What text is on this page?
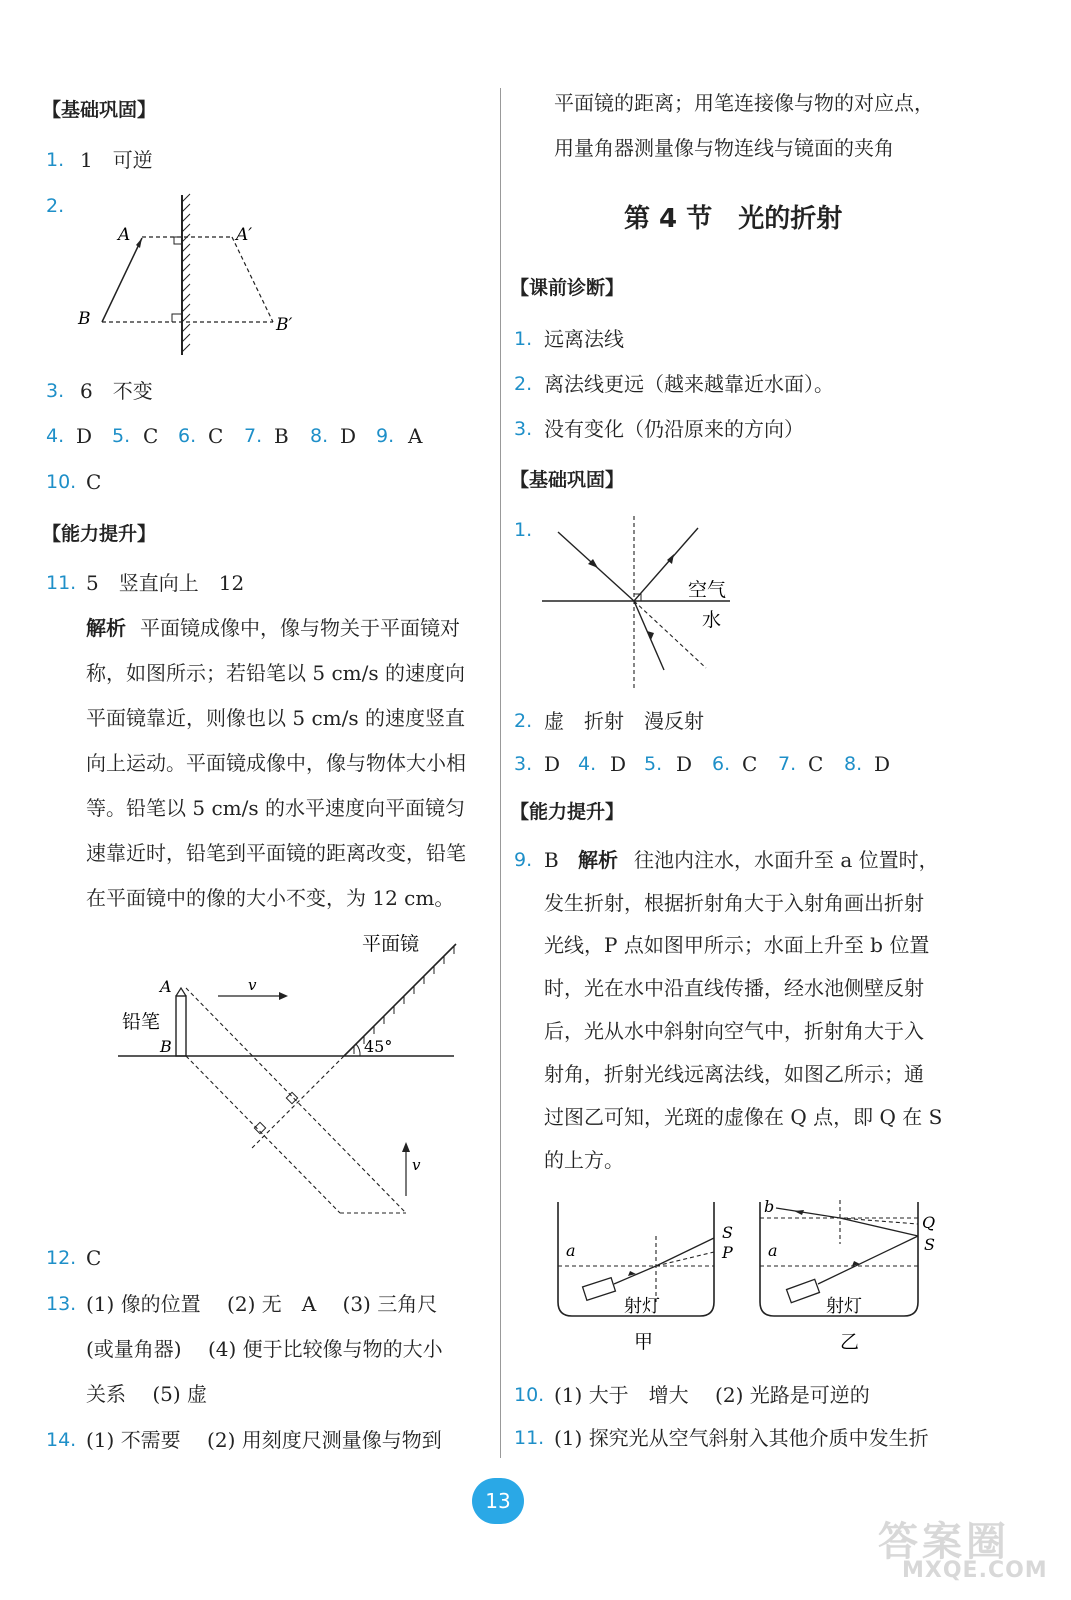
【基础巩固】
1. 1　可逆
2.
A	A′
B	B′
3. 6　不变
4. D 5. C 6. C 7. B 8. D 9. A
10. C
【能力提升】
11. 5　竖直向上　12
解析 平面镜成像中，像与物关于平面镜对
称，如图所示；若铅笔以 5 cm/s 的速度向
平面镜靠近，则像也以 5 cm/s 的速度竖直
向上运动。平面镜成像中，像与物体大小相
等。铅笔以 5 cm/s 的水平速度向平面镜匀
速靠近时，铅笔到平面镜的距离改变，铅笔
在平面镜中的像的大小不变，为 12 cm。
平面镜
45°
铅笔
A
B
v
v
12. C
13. (1) 像的位置　 (2) 无　A　 (3) 三角尺
(或量角器)　 (4) 便于比较像与物的大小
关系　 (5) 虚
14. (1) 不需要　 (2) 用刻度尺测量像与物到
平面镜的距离；用笔连接像与物的对应点，
用量角器测量像与物连线与镜面的夹角
第 4 节　光的折射
【课前诊断】
1. 远离法线
2. 离法线更远（越来越靠近水面）。
3. 没有变化（仍沿原来的方向）
【基础巩固】
1.
空气
水
2. 虚　折射　漫反射
3. D 4. D 5. D 6. C 7. C 8. D
【能力提升】
9. B 解析 往池内注水，水面升至 a 位置时，
发生折射，根据折射角大于入射角画出折射
光线，P 点如图甲所示；水面上升至 b 位置
时，光在水中沿直线传播，经水池侧壁反射
后，光从水中斜射向空气中，折射角大于入
射角，折射光线远离法线，如图乙所示；通
过图乙可知，光斑的虚像在 Q 点，即 Q 在 S
的上方。
a
S
P
射灯
甲
b
a
Q
S
射灯
乙
10. (1) 大于　增大　 (2) 光路是可逆的
11. (1) 探究光从空气斜射入其他介质中发生折
13
答案圈
MXQE.COM
